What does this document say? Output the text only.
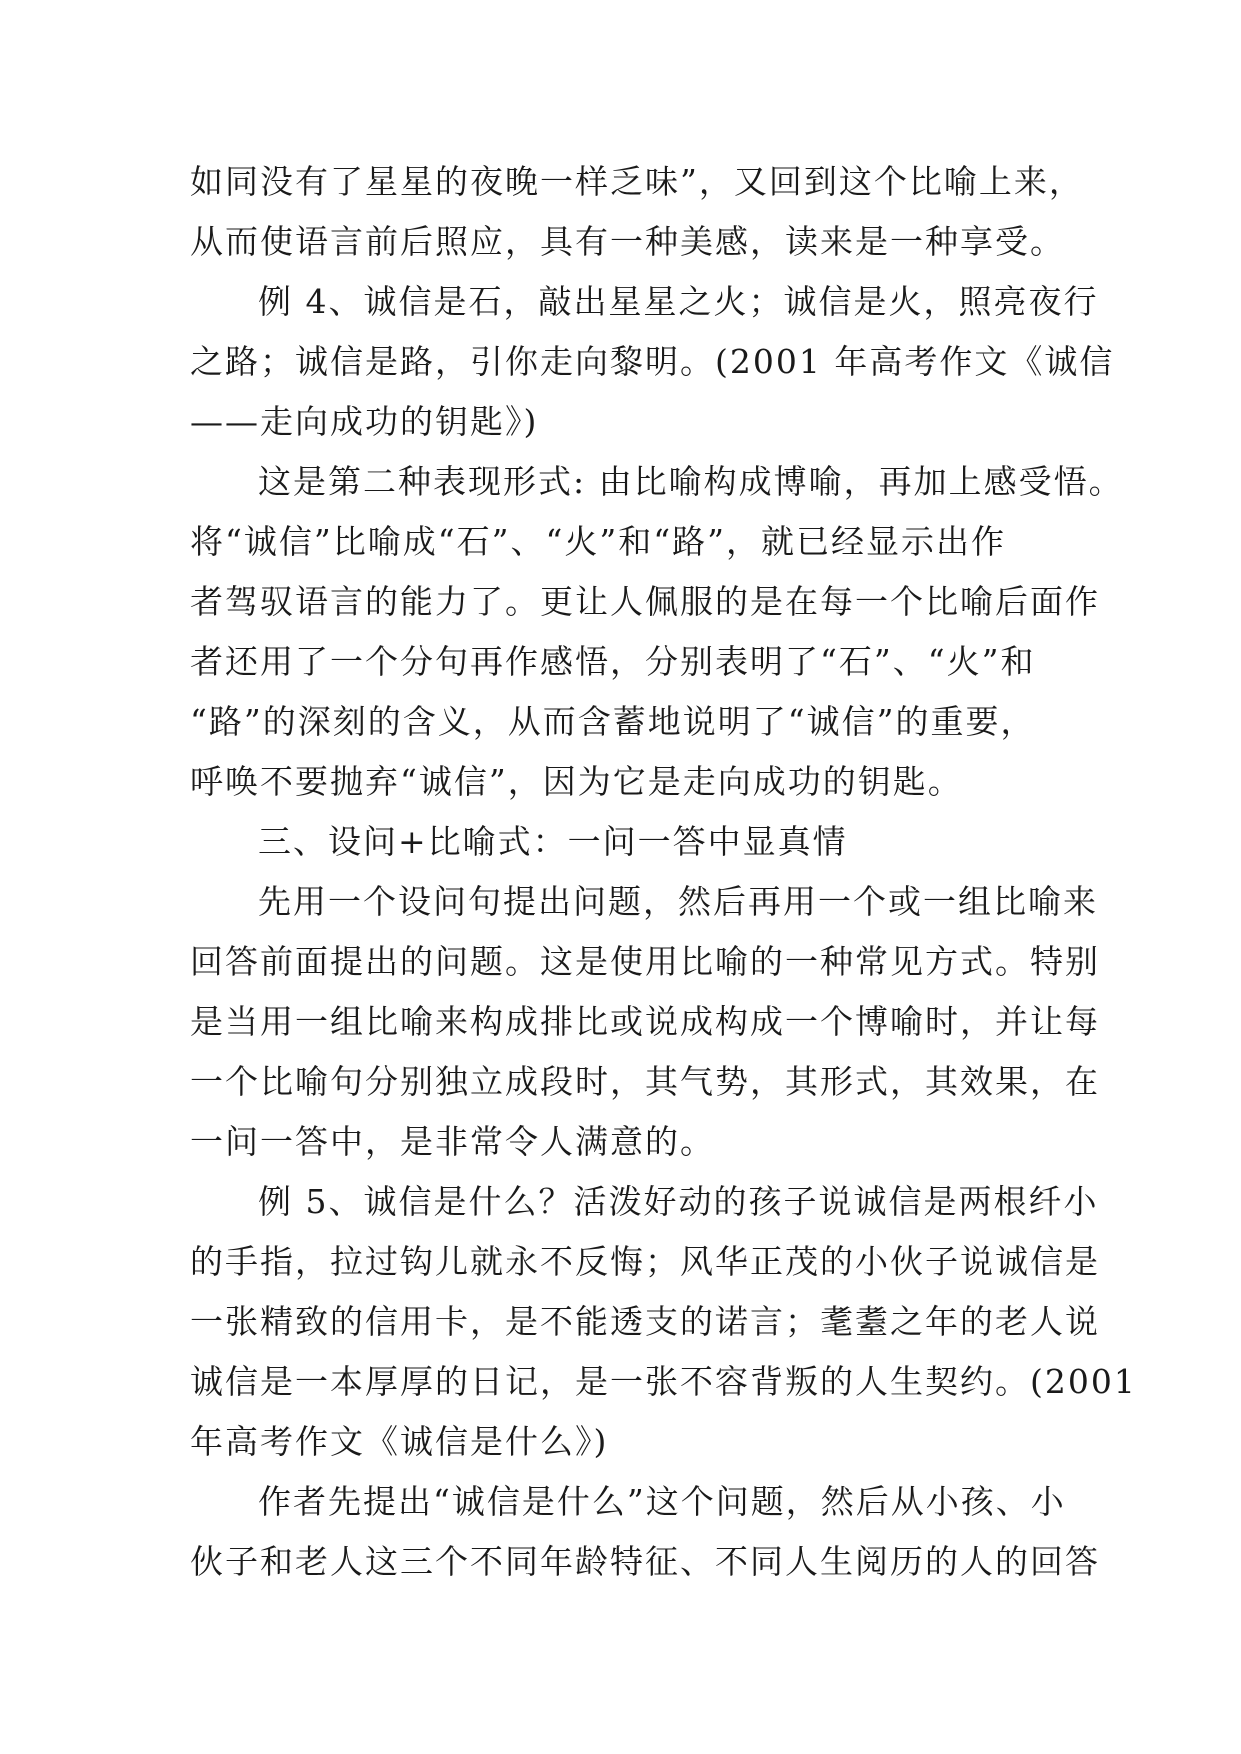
如同没有了星星的夜晚一样乏味”，又回到这个比喻上来，
从而使语言前后照应，具有一种美感，读来是一种享受。
例 4、诚信是石，敲出星星之火；诚信是火，照亮夜行
之路；诚信是路，引你走向黎明。(2001 年高考作文《诚信
——走向成功的钥匙》)
这是第二种表现形式: 由比喻构成博喻，再加上感受悟。
将“诚信”比喻成“石”、“火”和“路”，就已经显示出作
者驾驭语言的能力了。更让人佩服的是在每一个比喻后面作
者还用了一个分句再作感悟，分别表明了“石”、“火”和
“路”的深刻的含义，从而含蓄地说明了“诚信”的重要，
呼唤不要抛弃“诚信”，因为它是走向成功的钥匙。
三、设问+比喻式：一问一答中显真情
先用一个设问句提出问题，然后再用一个或一组比喻来
回答前面提出的问题。这是使用比喻的一种常见方式。特别
是当用一组比喻来构成排比或说成构成一个博喻时，并让每
一个比喻句分别独立成段时，其气势，其形式，其效果，在
一问一答中，是非常令人满意的。
例 5、诚信是什么？活泼好动的孩子说诚信是两根纤小
的手指，拉过钩儿就永不反悔；风华正茂的小伙子说诚信是
一张精致的信用卡，是不能透支的诺言；耄耋之年的老人说
诚信是一本厚厚的日记，是一张不容背叛的人生契约。(2001
年高考作文《诚信是什么》)
作者先提出“诚信是什么”这个问题，然后从小孩、小
伙子和老人这三个不同年龄特征、不同人生阅历的人的回答
